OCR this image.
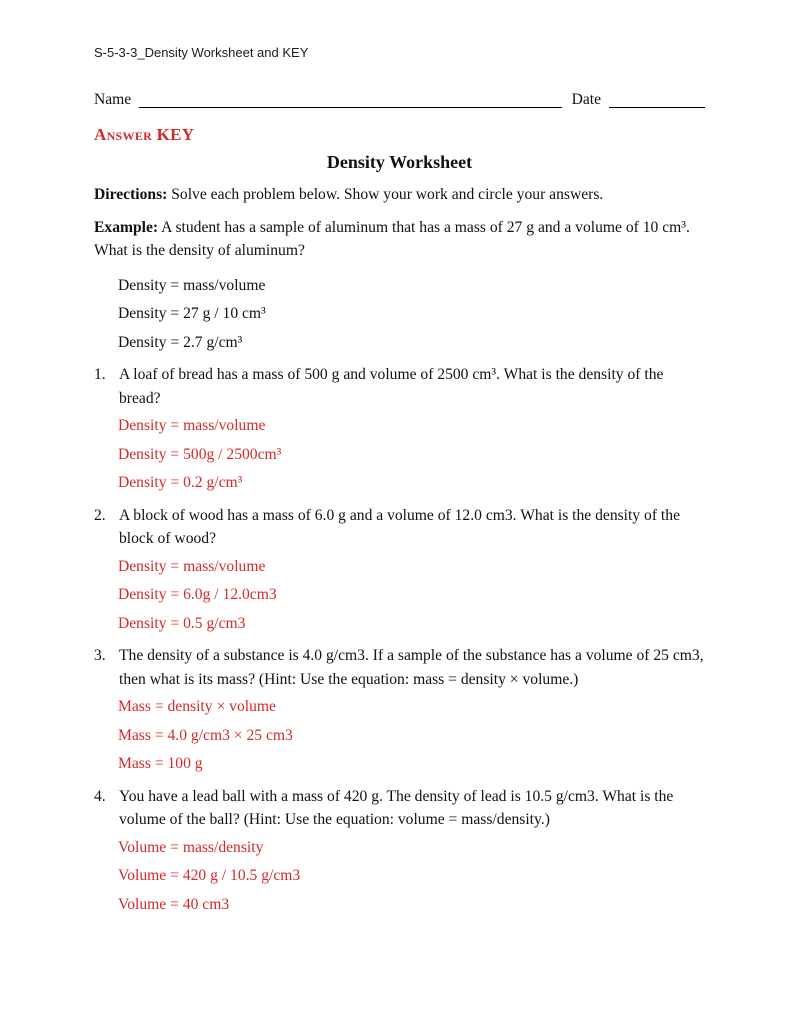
S-5-3-3_Density Worksheet and KEY
Name	Date
Answer KEY
Density Worksheet

Directions: Solve each problem below. Show your work and circle your answers.

Example: A student has a sample of aluminum that has a mass of 27 g and a volume of 10 cm³.
What is the density of aluminum?

Density = mass/volume
Density = 27 g / 10 cm³
Density = 2.7 g/cm³
1. A loaf of bread has a mass of 500 g and volume of 2500 cm³. What is the density of the
bread?

Density = mass/volume
Density = 500g / 2500cm³
Density = 0.2 g/cm³
2. A block of wood has a mass of 6.0 g and a volume of 12.0 cm3. What is the density of the
block of wood?

Density = mass/volume
Density = 6.0g / 12.0cm3
Density = 0.5 g/cm3
3. The density of a substance is 4.0 g/cm3. If a sample of the substance has a volume of 25 cm3,
then what is its mass? (Hint: Use the equation: mass = density × volume.)

Mass = density × volume
Mass = 4.0 g/cm3 × 25 cm3
Mass = 100 g
4. You have a lead ball with a mass of 420 g. The density of lead is 10.5 g/cm3. What is the
volume of the ball? (Hint: Use the equation: volume = mass/density.)

Volume = mass/density
Volume = 420 g / 10.5 g/cm3
Volume = 40 cm3
